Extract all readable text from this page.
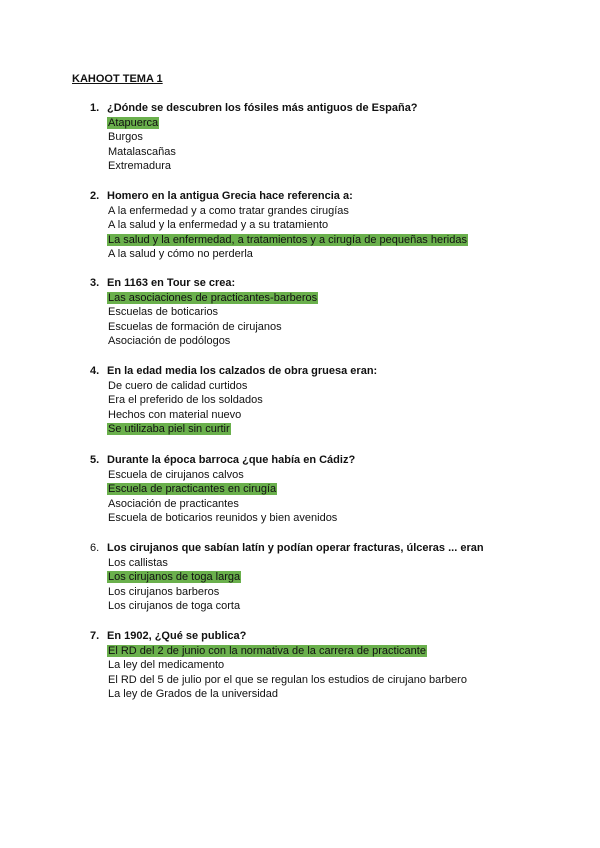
KAHOOT TEMA 1
1. ¿Dónde se descubren los fósiles más antiguos de España?
Atapuerca
Burgos
Matalascañas
Extremadura
2. Homero en la antigua Grecia hace referencia a:
A la enfermedad y a como tratar grandes cirugías
A la salud y la enfermedad y a su tratamiento
La salud y la enfermedad, a tratamientos y a cirugía de pequeñas heridas
A la salud y cómo no perderla
3. En 1163 en Tour se crea:
Las asociaciones de practicantes-barberos
Escuelas de boticarios
Escuelas de formación de cirujanos
Asociación de podólogos
4. En la edad media los calzados de obra gruesa eran:
De cuero de calidad curtidos
Era el preferido de los soldados
Hechos con material nuevo
Se utilizaba piel sin curtir
5. Durante la época barroca ¿que había en Cádiz?
Escuela de cirujanos calvos
Escuela de practicantes en cirugía
Asociación de practicantes
Escuela de boticarios reunidos y bien avenidos
6. Los cirujanos que sabían latín y podían operar fracturas, úlceras ... eran
Los callistas
Los cirujanos de toga larga
Los cirujanos barberos
Los cirujanos de toga corta
7. En 1902, ¿Qué se publica?
El RD del 2 de junio con la normativa de la carrera de practicante
La ley del medicamento
El RD del 5 de julio por el que se regulan los estudios de cirujano barbero
La ley de Grados de la universidad
